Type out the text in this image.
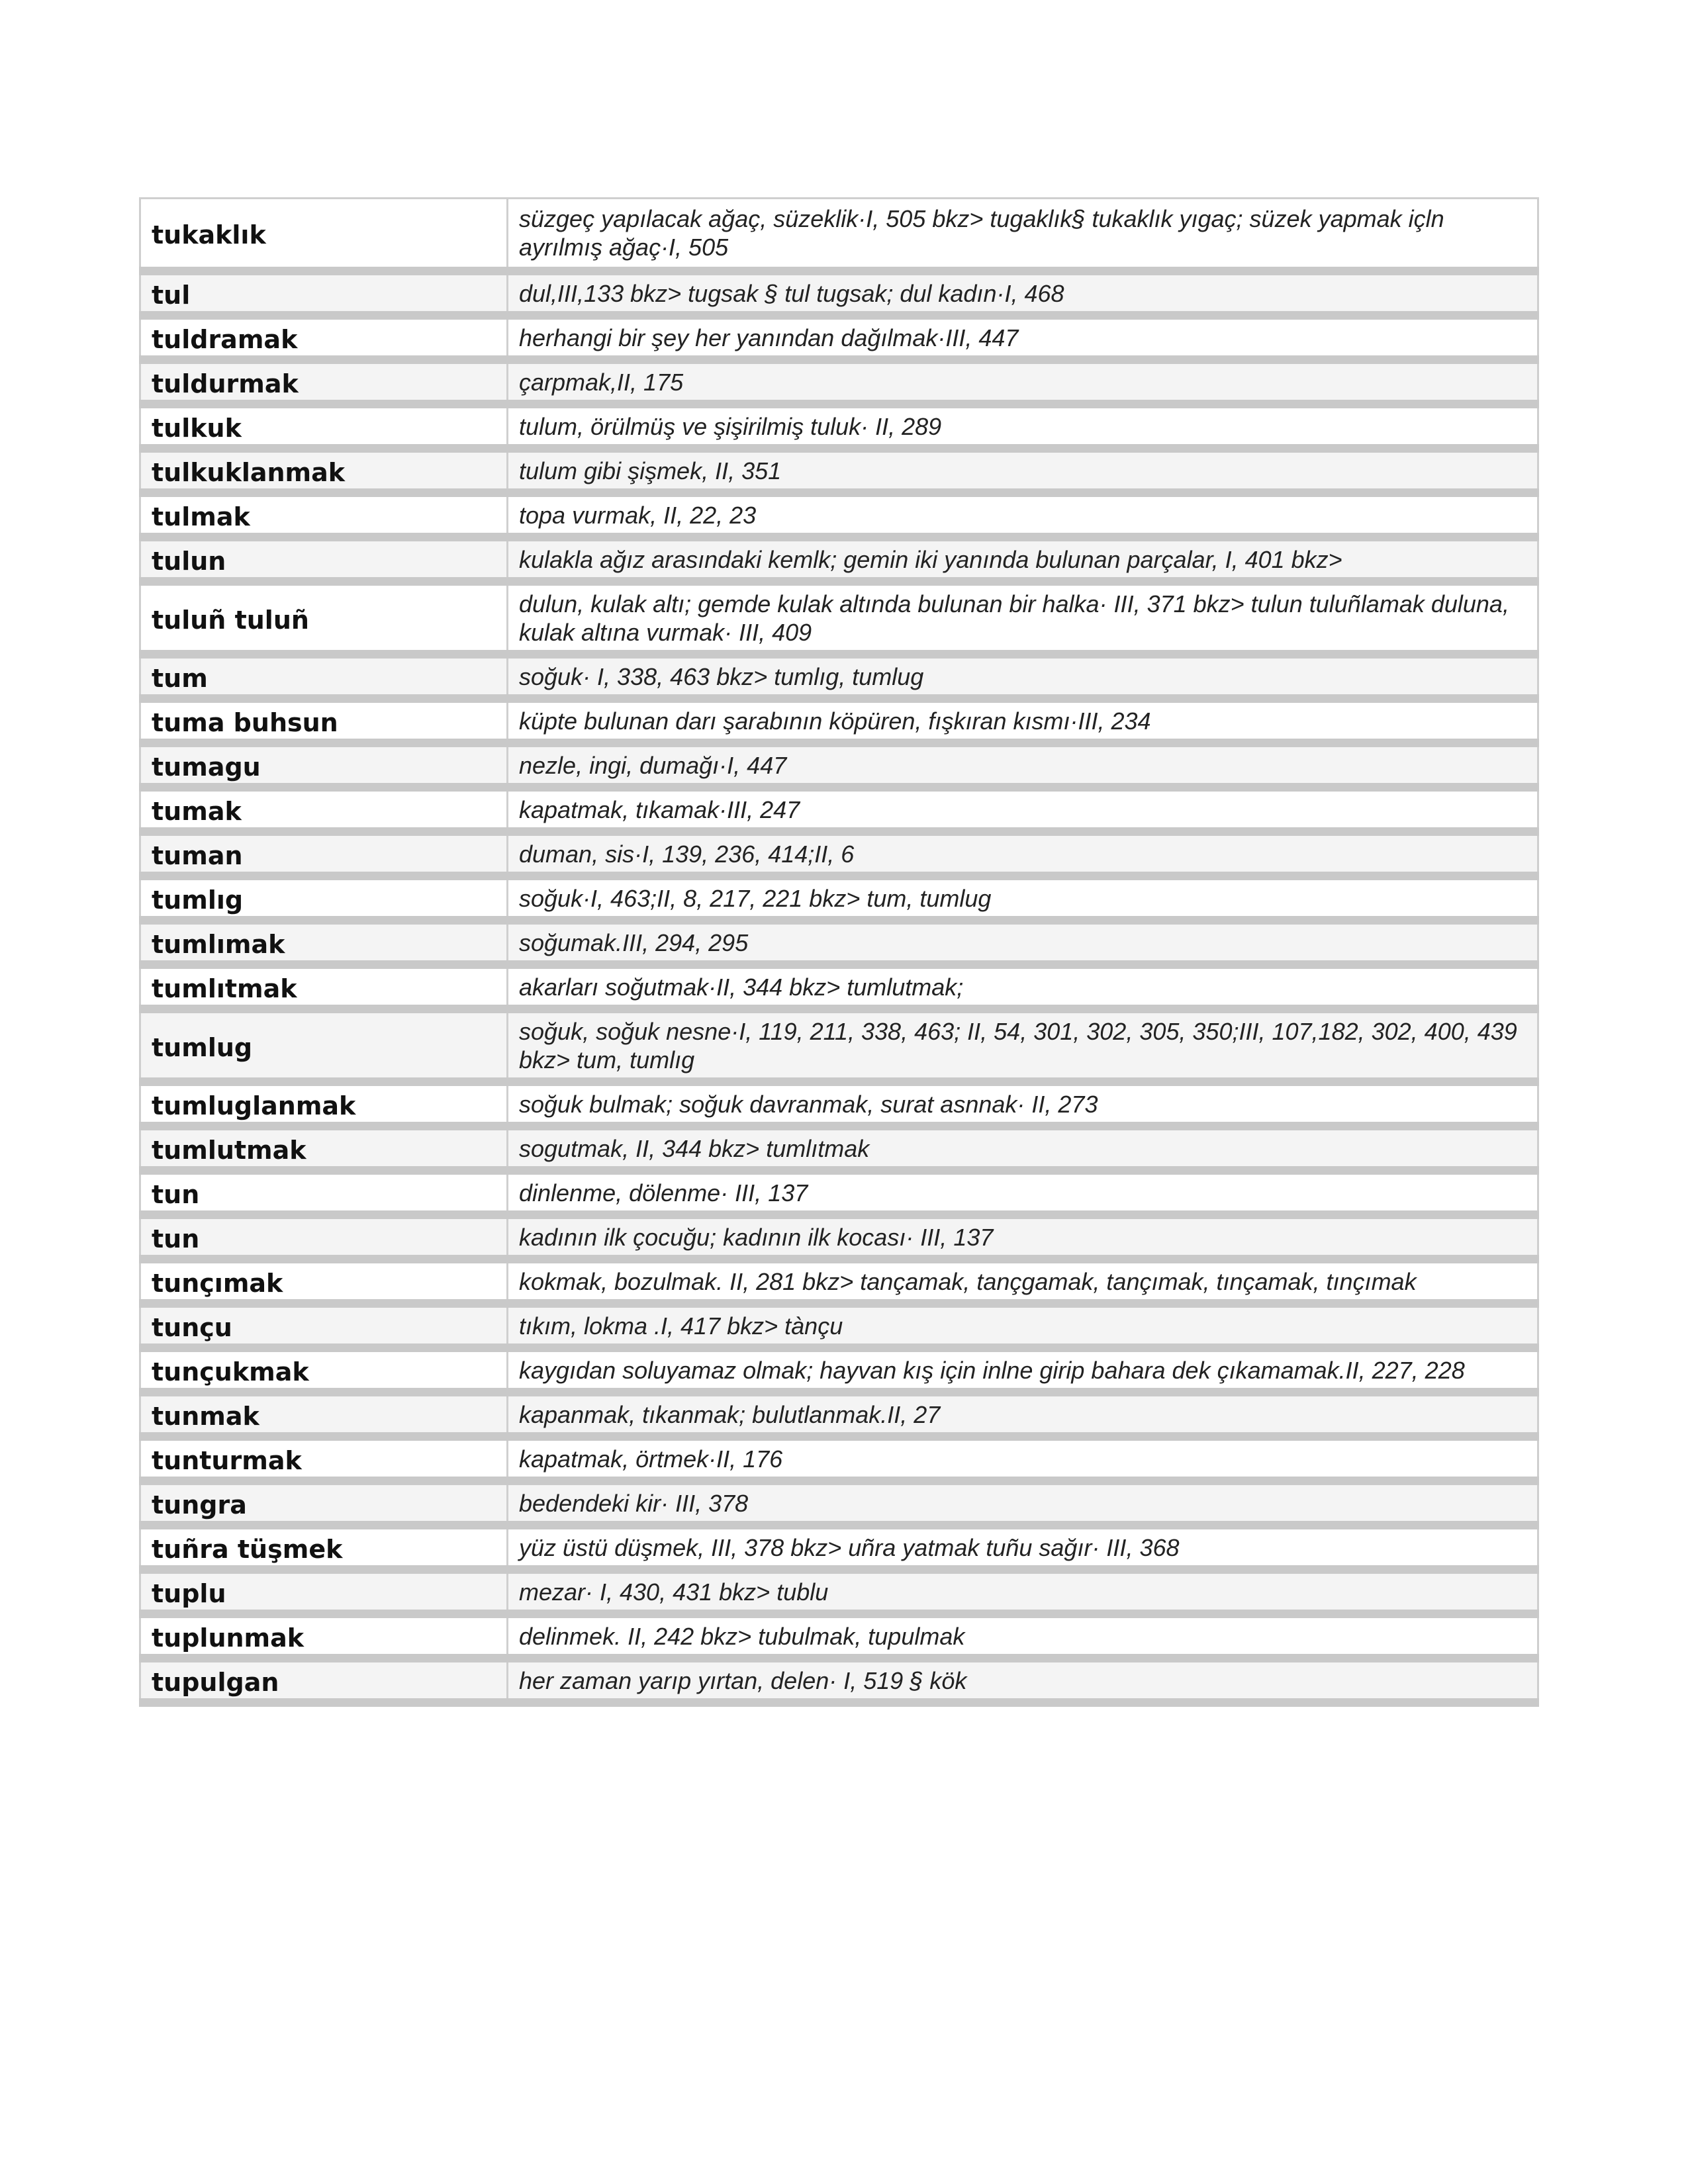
tukaklık	süzgeç yapılacak ağaç, süzeklik·I, 505 bkz> tugaklık§ tukaklık yıgaç; süzek yapmak içln ayrılmış ağaç·I, 505
tul	dul,III,133 bkz> tugsak § tul tugsak; dul kadın·I, 468
tuldramak	herhangi bir şey her yanından dağılmak·III, 447
tuldurmak	çarpmak,II, 175
tulkuk	tulum, örülmüş ve şişirilmiş tuluk· II, 289
tulkuklanmak	tulum gibi şişmek, II, 351
tulmak	topa vurmak, II, 22, 23
tulun	kulakla ağız arasındaki kemlk; gemin iki yanında bulunan parçalar, I, 401 bkz>
tuluñ tuluñ	dulun, kulak altı; gemde kulak altında bulunan bir halka· III, 371 bkz> tulun tuluñlamak duluna, kulak altına vurmak· III, 409
tum	soğuk· I, 338, 463 bkz> tumlıg, tumlug
tuma buhsun	küpte bulunan darı şarabının köpüren, fışkıran kısmı·III, 234
tumagu	nezle, ingi, dumağı·I, 447
tumak	kapatmak, tıkamak·III, 247
tuman	duman, sis·I, 139, 236, 414;II, 6
tumlıg	soğuk·I, 463;II, 8, 217, 221 bkz> tum, tumlug
tumlımak	soğumak.III, 294, 295
tumlıtmak	akarları soğutmak·II, 344 bkz> tumlutmak;
tumlug	soğuk, soğuk nesne·I, 119, 211, 338, 463; II, 54, 301, 302, 305, 350;III, 107,182, 302, 400, 439 bkz> tum, tumlıg
tumluglanmak	soğuk bulmak; soğuk davranmak, surat asnnak· II, 273
tumlutmak	sogutmak, II, 344 bkz> tumlıtmak
tun	dinlenme, dölenme· III, 137
tun	kadının ilk çocuğu; kadının ilk kocası· III, 137
tunçımak	kokmak, bozulmak. II, 281 bkz> tançamak, tançgamak, tançımak, tınçamak, tınçımak
tunçu	tıkım, lokma .I, 417 bkz> tànçu
tunçukmak	kaygıdan soluyamaz olmak; hayvan kış için inlne girip bahara dek çıkamamak.II, 227, 228
tunmak	kapanmak, tıkanmak; bulutlanmak.II, 27
tunturmak	kapatmak, örtmek·II, 176
tungra	bedendeki kir· III, 378
tuñra tüşmek	yüz üstü düşmek, III, 378 bkz> uñra yatmak tuñu sağır· III, 368
tuplu	mezar· I, 430, 431 bkz> tublu
tuplunmak	delinmek. II, 242 bkz> tubulmak, tupulmak
tupulgan	her zaman yarıp yırtan, delen· I, 519 § kök
